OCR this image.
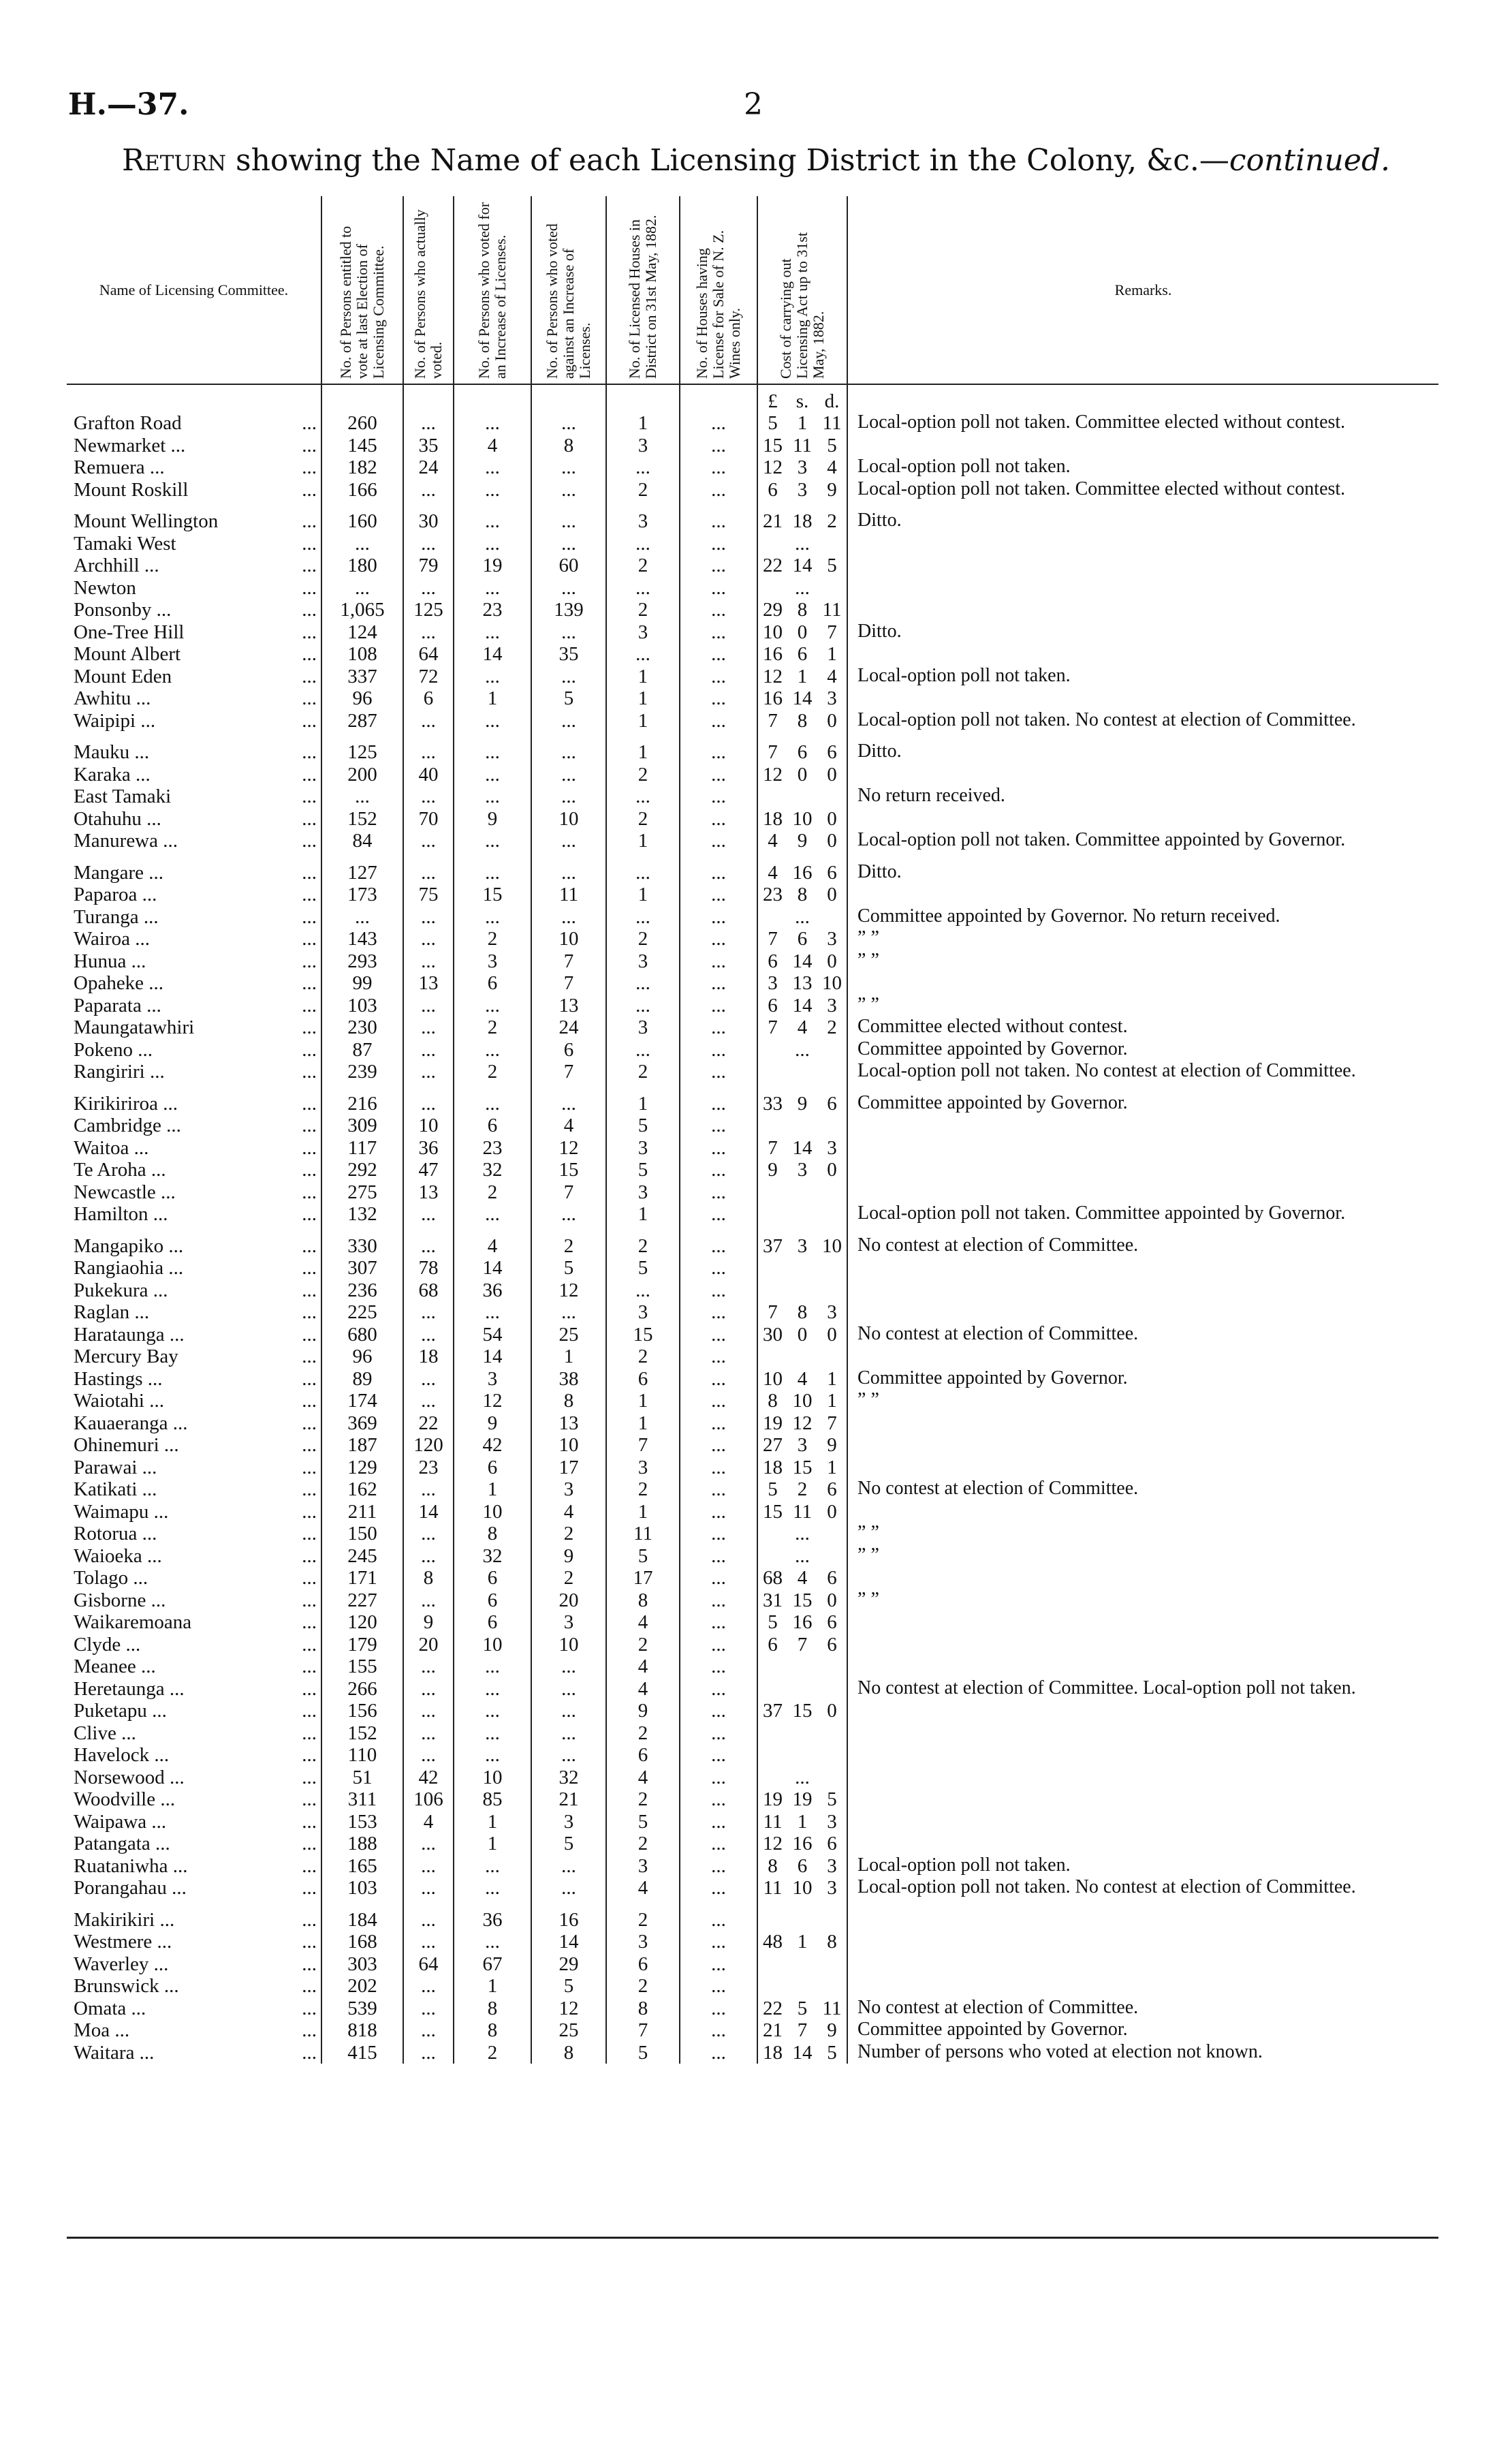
H.—37.	2
Return showing the Name of each Licensing District in the Colony, &c.—continued.
Name of Licensing Committee.		No. of Persons entitled to vote at last Election of Licensing Committee.	No. of Persons who actually voted.	No. of Persons who voted for an Increase of Licenses.	No. of Persons who voted against an Increase of Licenses.	No. of Licensed Houses in District on 31st May, 1882.	No. of Houses having License for Sale of N. Z. Wines only.	Cost of carrying out Licensing Act up to 31st May, 1882.			Remarks.
								£	s.	d.	
Grafton Road	...	260	...	...	...	1	...	5	1	11	Local-option poll not taken. Committee elected without contest.
Newmarket ...	...	145	35	4	8	3	...	15	11	5	
Remuera ...	...	182	24	...	...	...	...	12	3	4	Local-option poll not taken.
Mount Roskill	...	166	...	...	...	2	...	6	3	9	Local-option poll not taken. Committee elected without contest.

Mount Wellington	...	160	30	...	...	3	...	21	18	2	Ditto.
Tamaki West	...	...	...	...	...	...	...		...		
Archhill ...	...	180	79	19	60	2	...	22	14	5	
Newton	...	...	...	...	...	...	...		...		
Ponsonby ...	...	1,065	125	23	139	2	...	29	8	11	
One-Tree Hill	...	124	...	...	...	3	...	10	0	7	Ditto.
Mount Albert	...	108	64	14	35	...	...	16	6	1	
Mount Eden	...	337	72	...	...	1	...	12	1	4	Local-option poll not taken.
Awhitu ...	...	96	6	1	5	1	...	16	14	3	
Waipipi ...	...	287	...	...	...	1	...	7	8	0	Local-option poll not taken. No contest at election of Committee.

Mauku ...	...	125	...	...	...	1	...	7	6	6	Ditto.
Karaka ...	...	200	40	...	...	2	...	12	0	0	
East Tamaki	...	...	...	...	...	...	...				No return received.
Otahuhu ...	...	152	70	9	10	2	...	18	10	0	
Manurewa ...	...	84	...	...	...	1	...	4	9	0	Local-option poll not taken. Committee appointed by Governor.

Mangare ...	...	127	...	...	...	...	...	4	16	6	Ditto.
Paparoa ...	...	173	75	15	11	1	...	23	8	0	
Turanga ...	...	...	...	...	...	...	...		...		Committee appointed by Governor. No return received.
Wairoa ...	...	143	...	2	10	2	...	7	6	3	” ”
Hunua ...	...	293	...	3	7	3	...	6	14	0	” ”
Opaheke ...	...	99	13	6	7	...	...	3	13	10	
Paparata ...	...	103	...	...	13	...	...	6	14	3	” ”
Maungatawhiri	...	230	...	2	24	3	...	7	4	2	Committee elected without contest.
Pokeno ...	...	87	...	...	6	...	...		...		Committee appointed by Governor.
Rangiriri ...	...	239	...	2	7	2	...				Local-option poll not taken. No contest at election of Committee.

Kirikiriroa ...	...	216	...	...	...	1	...	33	9	6	Committee appointed by Governor.
Cambridge ...	...	309	10	6	4	5	...				
Waitoa ...	...	117	36	23	12	3	...	7	14	3	
Te Aroha ...	...	292	47	32	15	5	...	9	3	0	
Newcastle ...	...	275	13	2	7	3	...				
Hamilton ...	...	132	...	...	...	1	...				Local-option poll not taken. Committee appointed by Governor.

Mangapiko ...	...	330	...	4	2	2	...	37	3	10	No contest at election of Committee.
Rangiaohia ...	...	307	78	14	5	5	...				
Pukekura ...	...	236	68	36	12	...	...				
Raglan ...	...	225	...	...	...	3	...	7	8	3	
Harataunga ...	...	680	...	54	25	15	...	30	0	0	No contest at election of Committee.
Mercury Bay	...	96	18	14	1	2	...				
Hastings ...	...	89	...	3	38	6	...	10	4	1	Committee appointed by Governor.
Waiotahi ...	...	174	...	12	8	1	...	8	10	1	” ”
Kauaeranga ...	...	369	22	9	13	1	...	19	12	7	
Ohinemuri ...	...	187	120	42	10	7	...	27	3	9	
Parawai ...	...	129	23	6	17	3	...	18	15	1	
Katikati ...	...	162	...	1	3	2	...	5	2	6	No contest at election of Committee.
Waimapu ...	...	211	14	10	4	1	...	15	11	0	
Rotorua ...	...	150	...	8	2	11	...		...		” ”
Waioeka ...	...	245	...	32	9	5	...		...		” ”
Tolago ...	...	171	8	6	2	17	...	68	4	6	
Gisborne ...	...	227	...	6	20	8	...	31	15	0	” ”
Waikaremoana	...	120	9	6	3	4	...	5	16	6	
Clyde ...	...	179	20	10	10	2	...	6	7	6	
Meanee ...	...	155	...	...	...	4	...				
Heretaunga ...	...	266	...	...	...	4	...				No contest at election of Committee. Local-option poll not taken.
Puketapu ...	...	156	...	...	...	9	...	37	15	0	
Clive ...	...	152	...	...	...	2	...				
Havelock ...	...	110	...	...	...	6	...				
Norsewood ...	...	51	42	10	32	4	...		...		
Woodville ...	...	311	106	85	21	2	...	19	19	5	
Waipawa ...	...	153	4	1	3	5	...	11	1	3	
Patangata ...	...	188	...	1	5	2	...	12	16	6	
Ruataniwha ...	...	165	...	...	...	3	...	8	6	3	Local-option poll not taken.
Porangahau ...	...	103	...	...	...	4	...	11	10	3	Local-option poll not taken. No contest at election of Committee.

Makirikiri ...	...	184	...	36	16	2	...				
Westmere ...	...	168	...	...	14	3	...	48	1	8	
Waverley ...	...	303	64	67	29	6	...				
Brunswick ...	...	202	...	1	5	2	...				
Omata ...	...	539	...	8	12	8	...	22	5	11	No contest at election of Committee.
Moa ...	...	818	...	8	25	7	...	21	7	9	Committee appointed by Governor.
Waitara ...	...	415	...	2	8	5	...	18	14	5	Number of persons who voted at election not known.
